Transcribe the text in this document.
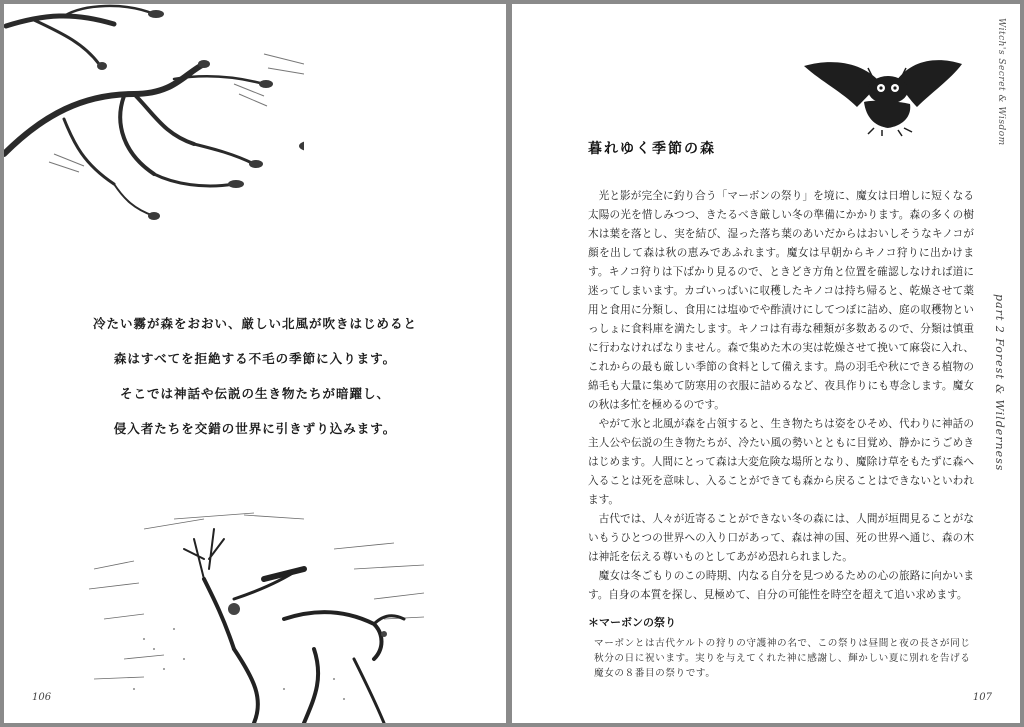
冷たい霧が森をおおい、厳しい北風が吹きはじめると

森はすべてを拒絶する不毛の季節に入ります。

そこでは神話や伝説の生き物たちが暗躍し、

侵入者たちを交錯の世界に引きずり込みます。

106
Witch's Secret & Wisdom
part 2 Forest & Wilderness
暮れゆく季節の森

光と影が完全に釣り合う「マーボンの祭り」を境に、魔女は日増しに短くなる太陽の光を惜しみつつ、きたるべき厳しい冬の準備にかかります。森の多くの樹木は葉を落とし、実を結び、湿った落ち葉のあいだからはおいしそうなキノコが顔を出して森は秋の恵みであふれます。魔女は早朝からキノコ狩りに出かけます。キノコ狩りは下ばかり見るので、ときどき方角と位置を確認しなければ道に迷ってしまいます。カゴいっぱいに収穫したキノコは持ち帰ると、乾燥させて薬用と食用に分類し、食用には塩ゆでや酢漬けにしてつぼに詰め、庭の収穫物といっしょに食料庫を満たします。キノコは有毒な種類が多数あるので、分類は慎重に行わなければなりません。森で集めた木の実は乾燥させて挽いて麻袋に入れ、これからの最も厳しい季節の食料として備えます。鳥の羽毛や秋にできる植物の綿毛も大量に集めて防寒用の衣服に詰めるなど、夜具作りにも専念します。魔女の秋は多忙を極めるのです。

やがて氷と北風が森を占領すると、生き物たちは姿をひそめ、代わりに神話の主人公や伝説の生き物たちが、冷たい風の勢いとともに目覚め、静かにうごめきはじめます。人間にとって森は大変危険な場所となり、魔除け草をもたずに森へ入ることは死を意味し、入ることができても森から戻ることはできないといわれます。

古代では、人々が近寄ることができない冬の森には、人間が垣間見ることがないもうひとつの世界への入り口があって、森は神の国、死の世界へ通じ、森の木は神託を伝える尊いものとしてあがめ恐れられました。

魔女は冬ごもりのこの時期、内なる自分を見つめるための心の旅路に向かいます。自身の本質を探し、見極めて、自分の可能性を時空を超えて追い求めます。

＊マーボンの祭り

マーボンとは古代ケルトの狩りの守護神の名で、この祭りは昼間と夜の長さが同じ秋分の日に祝います。実りを与えてくれた神に感謝し、輝かしい夏に別れを告げる魔女の８番目の祭りです。

107
